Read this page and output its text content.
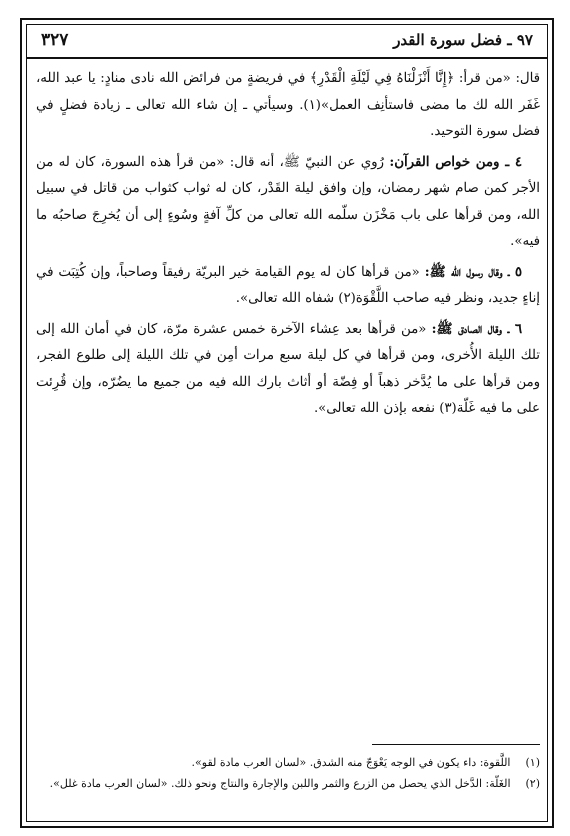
٣٢٧	٩٧ ـ فضل سورة القدر

قال: «من قرأ: ﴿إِنَّا أَنْزَلْنَاهُ فِي لَيْلَةِ الْقَدْرِ﴾ في فريضةٍ من فرائض الله نادى منادٍ: يا عبد الله، غَفَر الله لك ما مضى فاستأنِف العمل»(١). وسيأتي ـ إن شاء الله تعالى ـ زيادة فضلٍ في فضل سورة التوحيد.

٤ ـ ومن خواص القرآن: رُوي عن النبيّ ﷺ، أنه قال: «من قرأ هذه السورة، كان له من الأجر كمن صام شهر رمضان، وإن وافق ليلة القَدْر، كان له ثواب كثواب من قاتل في سبيل الله، ومن قرأها على باب مَخْزَن سلّمه الله تعالى من كلِّ آفةٍ وسُوءٍ إلى أن يُخرِجَ صاحبُه ما فيه».

٥ ـ وقال رسول الله ﷺ: «من قرأها كان له يوم القيامة خير البريّة رفيقاً وصاحباً، وإن كُتِبَت في إناءٍ جديد، ونظر فيه صاحب اللَّقْوَة(٢) شفاه الله تعالى».

٦ ـ وقال الصادق ﷺ: «من قرأها بعد عِشاء الآخرة خمس عشرة مرّة، كان في أمان الله إلى تلك الليلة الأُخرى، ومن قرأها في كل ليلة سبع مرات أمِن في تلك الليلة إلى طلوع الفجر، ومن قرأها على ما يُدَّخر ذهباً أو فِضّة أو أثاث بارك الله فيه من جميع ما يضُرّه، وإن قُرِئت على ما فيه غَلّة(٣) نفعه بإذن الله تعالى».

(١) اللَّقوة: داء يكون في الوجه يَعْوَجّ منه الشدق. «لسان العرب مادة لقو».

(٢) الغَلّة: الدَّخل الذي يحصل من الزرع والثمر واللبن والإجارة والنتاج ونحو ذلك. «لسان العرب مادة غلل».
